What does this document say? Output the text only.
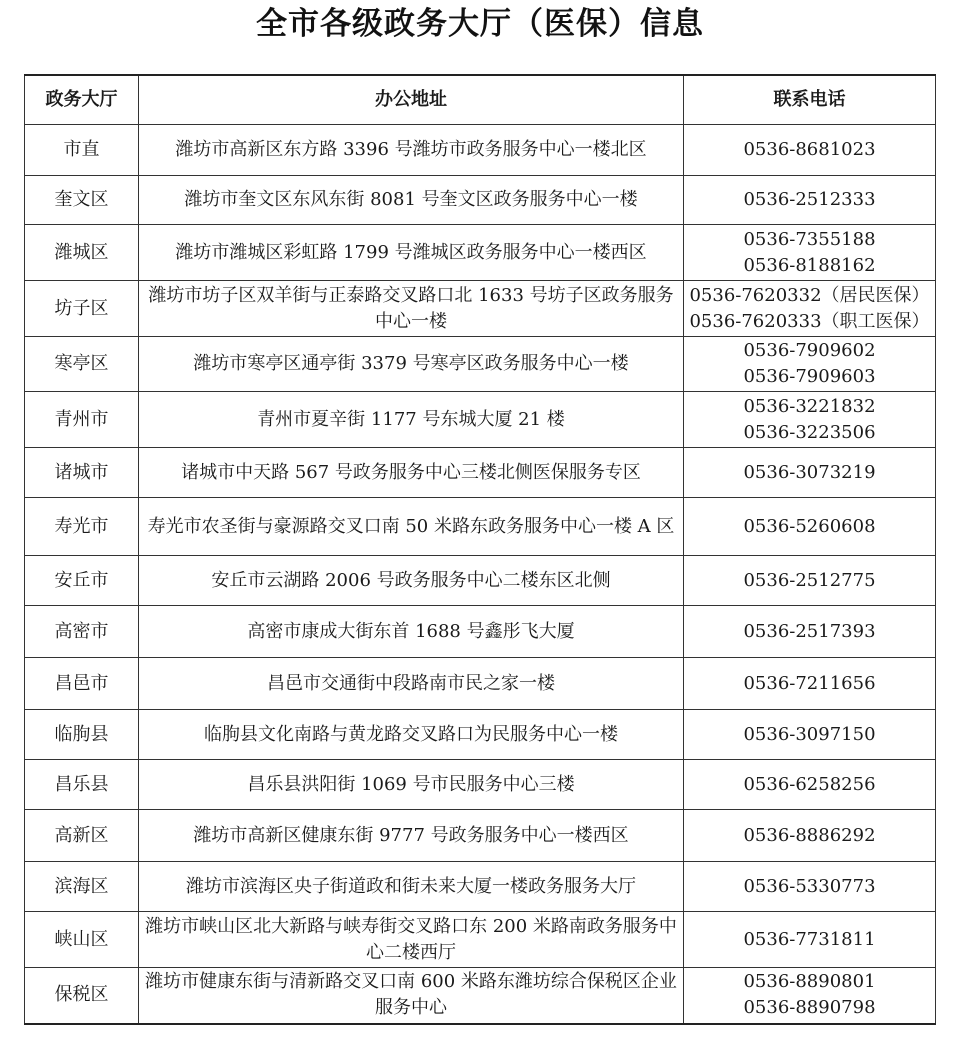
全市各级政务大厅（医保）信息
政务大厅	办公地址	联系电话
市直	潍坊市高新区东方路 3396 号潍坊市政务服务中心一楼北区	0536-8681023

奎文区	潍坊市奎文区东风东街 8081 号奎文区政务服务中心一楼	0536-2512333

潍城区	潍坊市潍城区彩虹路 1799 号潍城区政务服务中心一楼西区	0536-7355188
0536-8188162

坊子区	潍坊市坊子区双羊街与正泰路交叉路口北 1633 号坊子区政务服务中心一楼	0536-7620332（居民医保）
0536-7620333（职工医保）

寒亭区	潍坊市寒亭区通亭街 3379 号寒亭区政务服务中心一楼	0536-7909602
0536-7909603

青州市	青州市夏辛街 1177 号东城大厦 21 楼	0536-3221832
0536-3223506

诸城市	诸城市中天路 567 号政务服务中心三楼北侧医保服务专区	0536-3073219

寿光市	寿光市农圣街与豪源路交叉口南 50 米路东政务服务中心一楼 A 区	0536-5260608

安丘市	安丘市云湖路 2006 号政务服务中心二楼东区北侧	0536-2512775

高密市	高密市康成大街东首 1688 号鑫彤飞大厦	0536-2517393

昌邑市	昌邑市交通街中段路南市民之家一楼	0536-7211656

临朐县	临朐县文化南路与黄龙路交叉路口为民服务中心一楼	0536-3097150

昌乐县	昌乐县洪阳街 1069 号市民服务中心三楼	0536-6258256

高新区	潍坊市高新区健康东街 9777 号政务服务中心一楼西区	0536-8886292

滨海区	潍坊市滨海区央子街道政和街未来大厦一楼政务服务大厅	0536-5330773

峡山区	潍坊市峡山区北大新路与峡寿街交叉路口东 200 米路南政务服务中心二楼西厅	0536-7731811

保税区	潍坊市健康东街与清新路交叉口南 600 米路东潍坊综合保税区企业服务中心	0536-8890801
0536-8890798
